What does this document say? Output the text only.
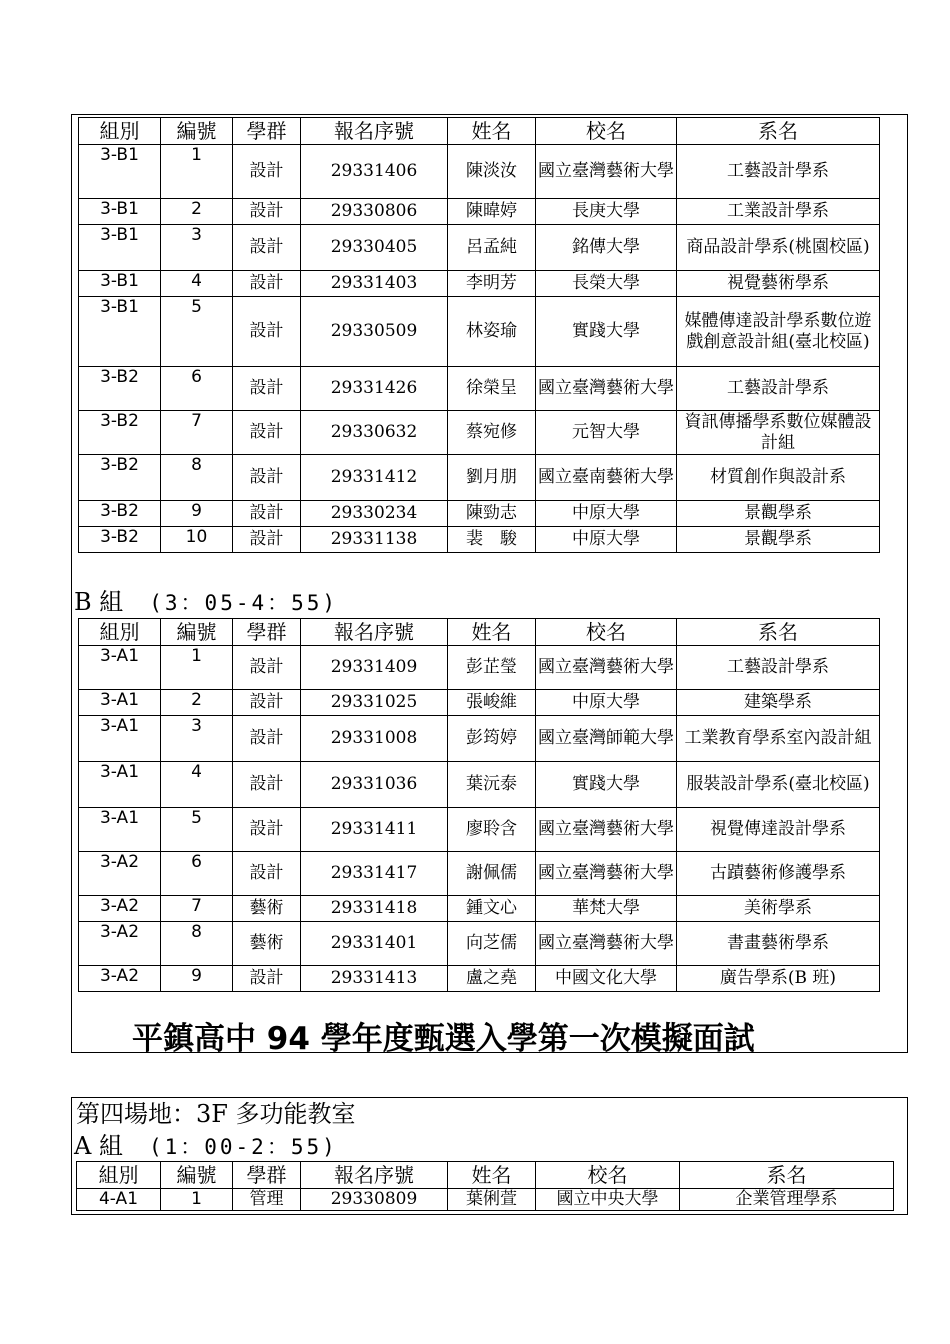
組別	編號	學群	報名序號	姓名	校名	系名
3-B1	1	設計	29331406	陳淡汝	國立臺灣藝術大學	工藝設計學系
3-B1	2	設計	29330806	陳暐婷	長庚大學	工業設計學系
3-B1	3	設計	29330405	呂孟純	銘傳大學	商品設計學系(桃園校區)
3-B1	4	設計	29331403	李明芳	長榮大學	視覺藝術學系
3-B1	5	設計	29330509	林姿瑜	實踐大學	媒體傳達設計學系數位遊戲創意設計組(臺北校區)
3-B2	6	設計	29331426	徐榮呈	國立臺灣藝術大學	工藝設計學系
3-B2	7	設計	29330632	蔡宛修	元智大學	資訊傳播學系數位媒體設計組
3-B2	8	設計	29331412	劉月朋	國立臺南藝術大學	材質創作與設計系
3-B2	9	設計	29330234	陳勁志	中原大學	景觀學系
3-B2	10	設計	29331138	裴　駿	中原大學	景觀學系
B 組 (3：05-4：55)
組別	編號	學群	報名序號	姓名	校名	系名
3-A1	1	設計	29331409	彭芷瑩	國立臺灣藝術大學	工藝設計學系
3-A1	2	設計	29331025	張峻維	中原大學	建築學系
3-A1	3	設計	29331008	彭筠婷	國立臺灣師範大學	工業教育學系室內設計組
3-A1	4	設計	29331036	葉沅泰	實踐大學	服裝設計學系(臺北校區)
3-A1	5	設計	29331411	廖聆含	國立臺灣藝術大學	視覺傳達設計學系
3-A2	6	設計	29331417	謝佩儒	國立臺灣藝術大學	古蹟藝術修護學系
3-A2	7	藝術	29331418	鍾文心	華梵大學	美術學系
3-A2	8	藝術	29331401	向芝儒	國立臺灣藝術大學	書畫藝術學系
3-A2	9	設計	29331413	盧之堯	中國文化大學	廣告學系(B 班)
平鎮高中 94 學年度甄選入學第一次模擬面試
第四場地：3F 多功能教室
A 組 (1：00-2：55)
組別	編號	學群	報名序號	姓名	校名	系名
4-A1	1	管理	29330809	葉俐萱	國立中央大學	企業管理學系
